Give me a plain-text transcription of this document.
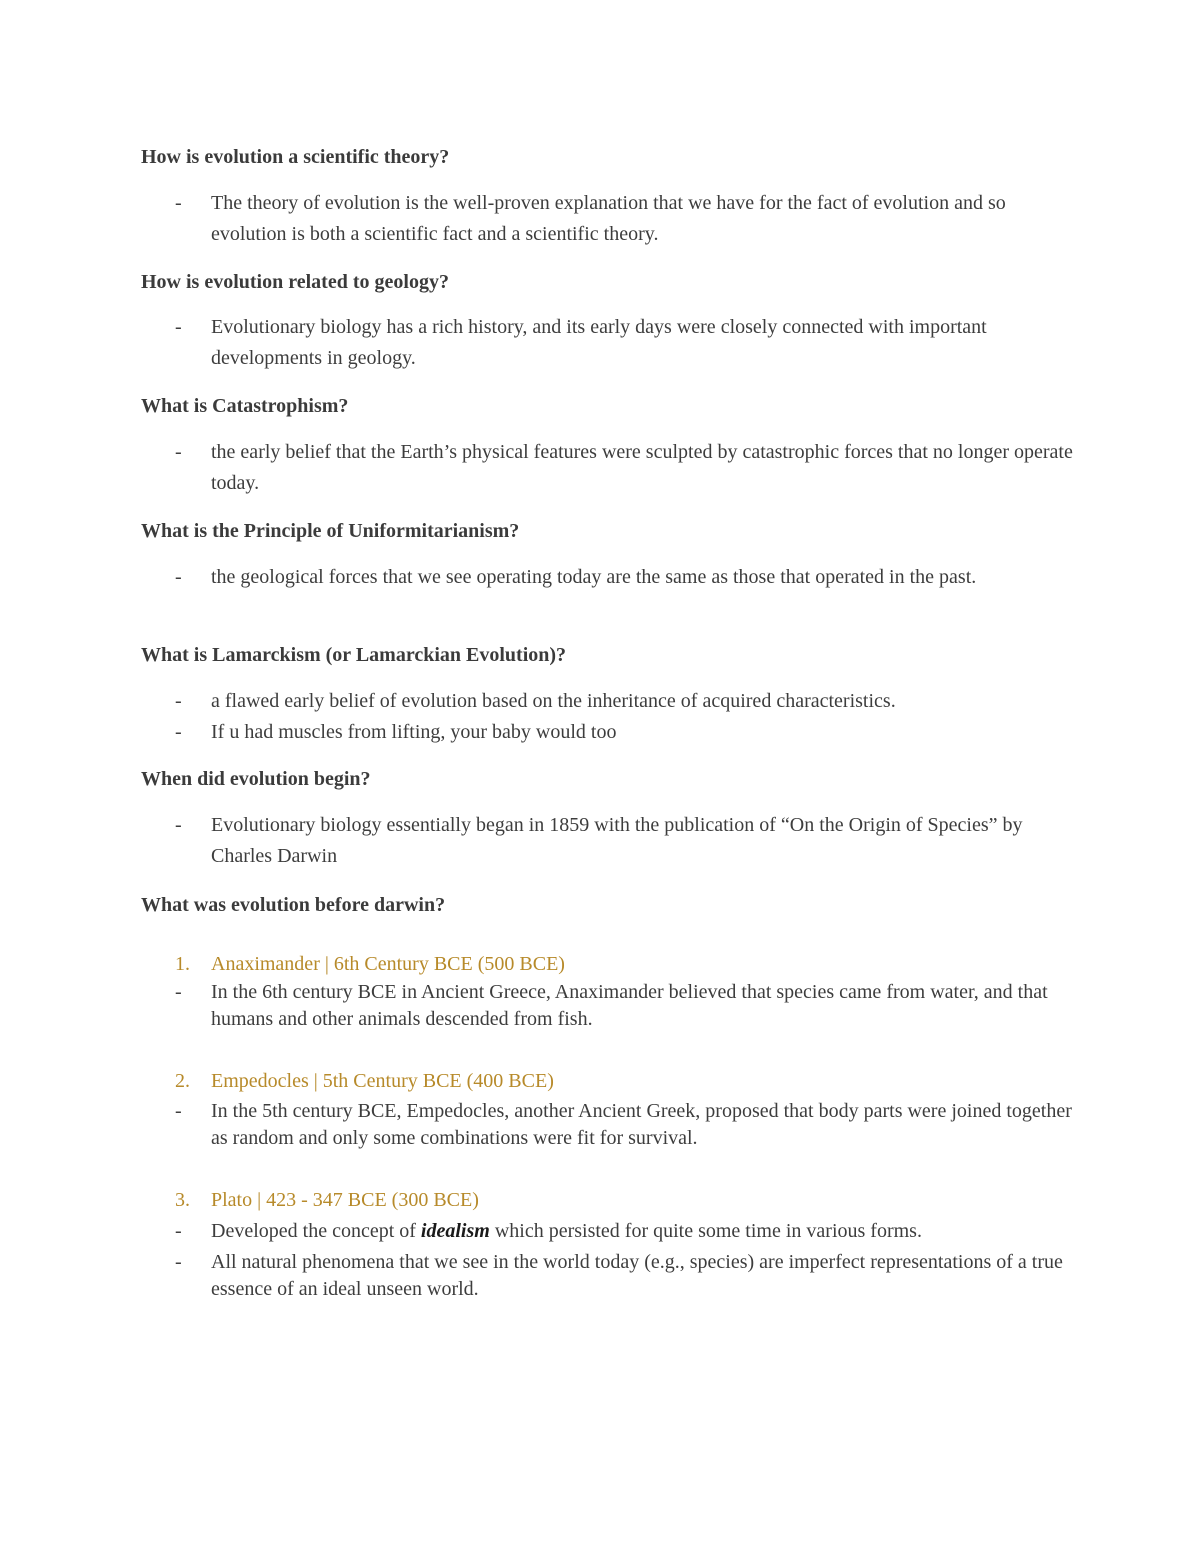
How is evolution a scientific theory?
- The theory of evolution is the well-proven explanation that we have for the fact of evolution and so evolution is both a scientific fact and a scientific theory.
How is evolution related to geology?
- Evolutionary biology has a rich history, and its early days were closely connected with important developments in geology.
What is Catastrophism?
- the early belief that the Earth’s physical features were sculpted by catastrophic forces that no longer operate today.
What is the Principle of Uniformitarianism?
- the geological forces that we see operating today are the same as those that operated in the past.
What is Lamarckism (or Lamarckian Evolution)?
- a flawed early belief of evolution based on the inheritance of acquired characteristics.
- If u had muscles from lifting, your baby would too
When did evolution begin?
- Evolutionary biology essentially began in 1859 with the publication of “On the Origin of Species” by Charles Darwin
What was evolution before darwin?
1. Anaximander | 6th Century BCE (500 BCE)
- In the 6th century BCE in Ancient Greece, Anaximander believed that species came from water, and that humans and other animals descended from fish.
2. Empedocles | 5th Century BCE (400 BCE)
- In the 5th century BCE, Empedocles, another Ancient Greek, proposed that body parts were joined together as random and only some combinations were fit for survival.
3. Plato | 423 - 347 BCE (300 BCE)
- Developed the concept of idealism which persisted for quite some time in various forms.
- All natural phenomena that we see in the world today (e.g., species) are imperfect representations of a true essence of an ideal unseen world.
